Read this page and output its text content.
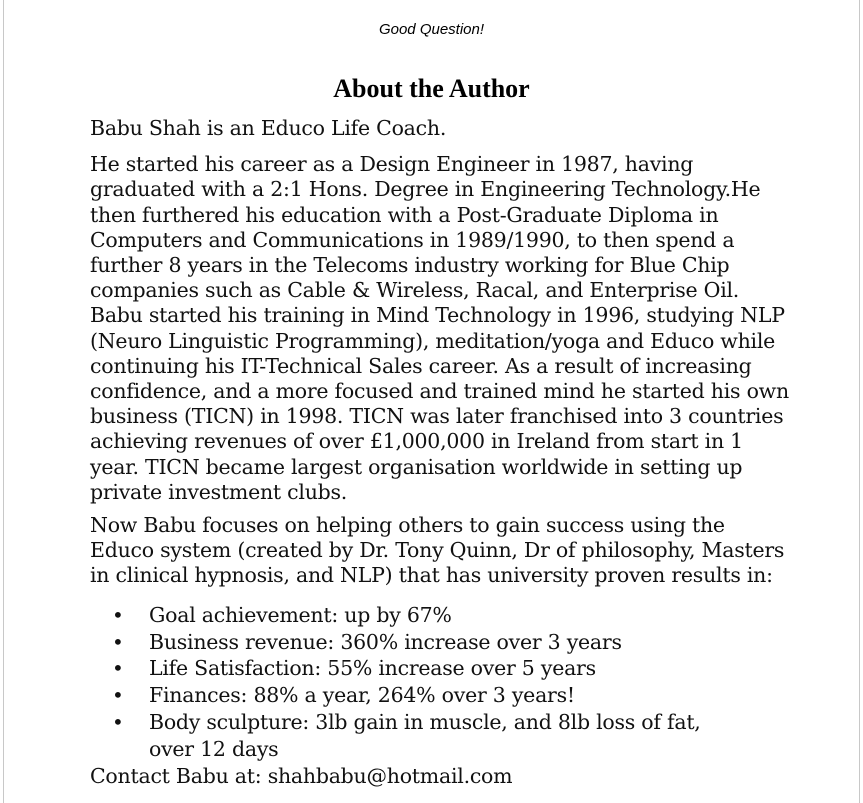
Good Question!
About the Author

Babu Shah is an Educo Life Coach.

He started his career as a Design Engineer in 1987, having graduated with a 2:1 Hons. Degree in Engineering Technology.He then furthered his education with a Post-Graduate Diploma in Computers and Communications in 1989/1990, to then spend a further 8 years in the Telecoms industry working for Blue Chip companies such as Cable & Wireless, Racal, and Enterprise Oil. Babu started his training in Mind Technology in 1996, studying NLP (Neuro Linguistic Programming), meditation/yoga and Educo while continuing his IT-Technical Sales career. As a result of increasing confidence, and a more focused and trained mind he started his own business (TICN) in 1998. TICN was later franchised into 3 countries achieving revenues of over £1,000,000 in Ireland from start in 1 year. TICN became largest organisation worldwide in setting up private investment clubs.

Now Babu focuses on helping others to gain success using the Educo system (created by Dr. Tony Quinn, Dr of philosophy, Masters in clinical hypnosis, and NLP) that has university proven results in:

• Goal achievement: up by 67%
• Business revenue: 360% increase over 3 years
• Life Satisfaction: 55% increase over 5 years
• Finances: 88% a year, 264% over 3 years!
• Body sculpture: 3lb gain in muscle, and 8lb loss of fat, over 12 days
Contact Babu at: shahbabu@hotmail.com
